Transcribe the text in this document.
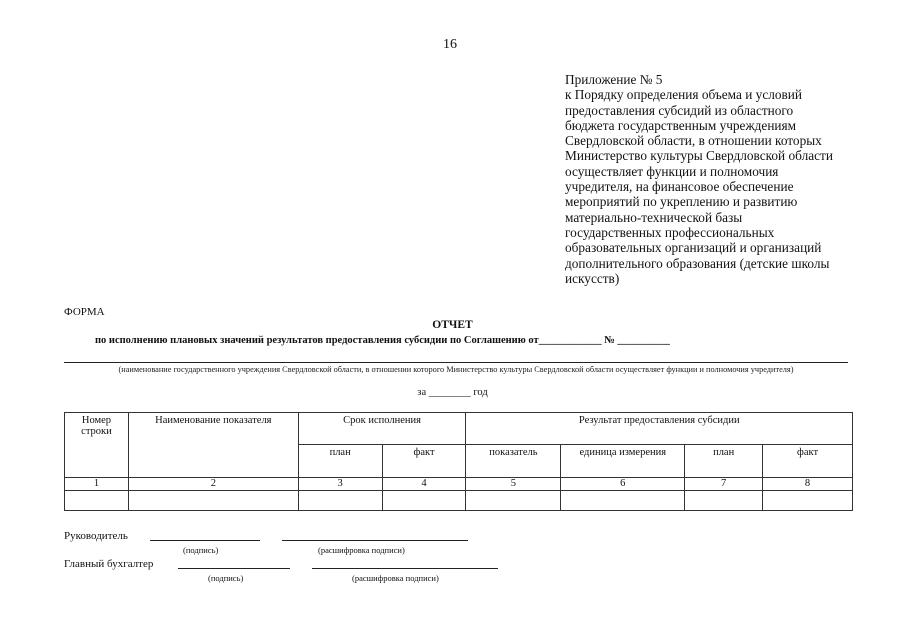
16
Приложение № 5
к Порядку определения объема и условий предоставления субсидий из областного бюджета государственным учреждениям Свердловской области, в отношении которых Министерство культуры Свердловской области осуществляет функции и полномочия учредителя, на финансовое обеспечение мероприятий по укреплению и развитию материально-технической базы государственных профессиональных образовательных организаций и организаций дополнительного образования (детские школы искусств)
ФОРМА
ОТЧЕТ
по исполнению плановых значений результатов предоставления субсидии по Соглашению от____________ № __________
(наименование государственного учреждения Свердловской области, в отношении которого Министерство культуры Свердловской области осуществляет функции и полномочия учредителя)
за ________ год
Номер строки	Наименование показателя	Срок исполнения		Результат предоставления субсидии			
		план	факт	показатель	единица измерения	план	факт
1	2	3	4	5	6	7	8

Руководитель
(подпись)	(расшифровка подписи)
Главный бухгалтер
(подпись)	(расшифровка подписи)
